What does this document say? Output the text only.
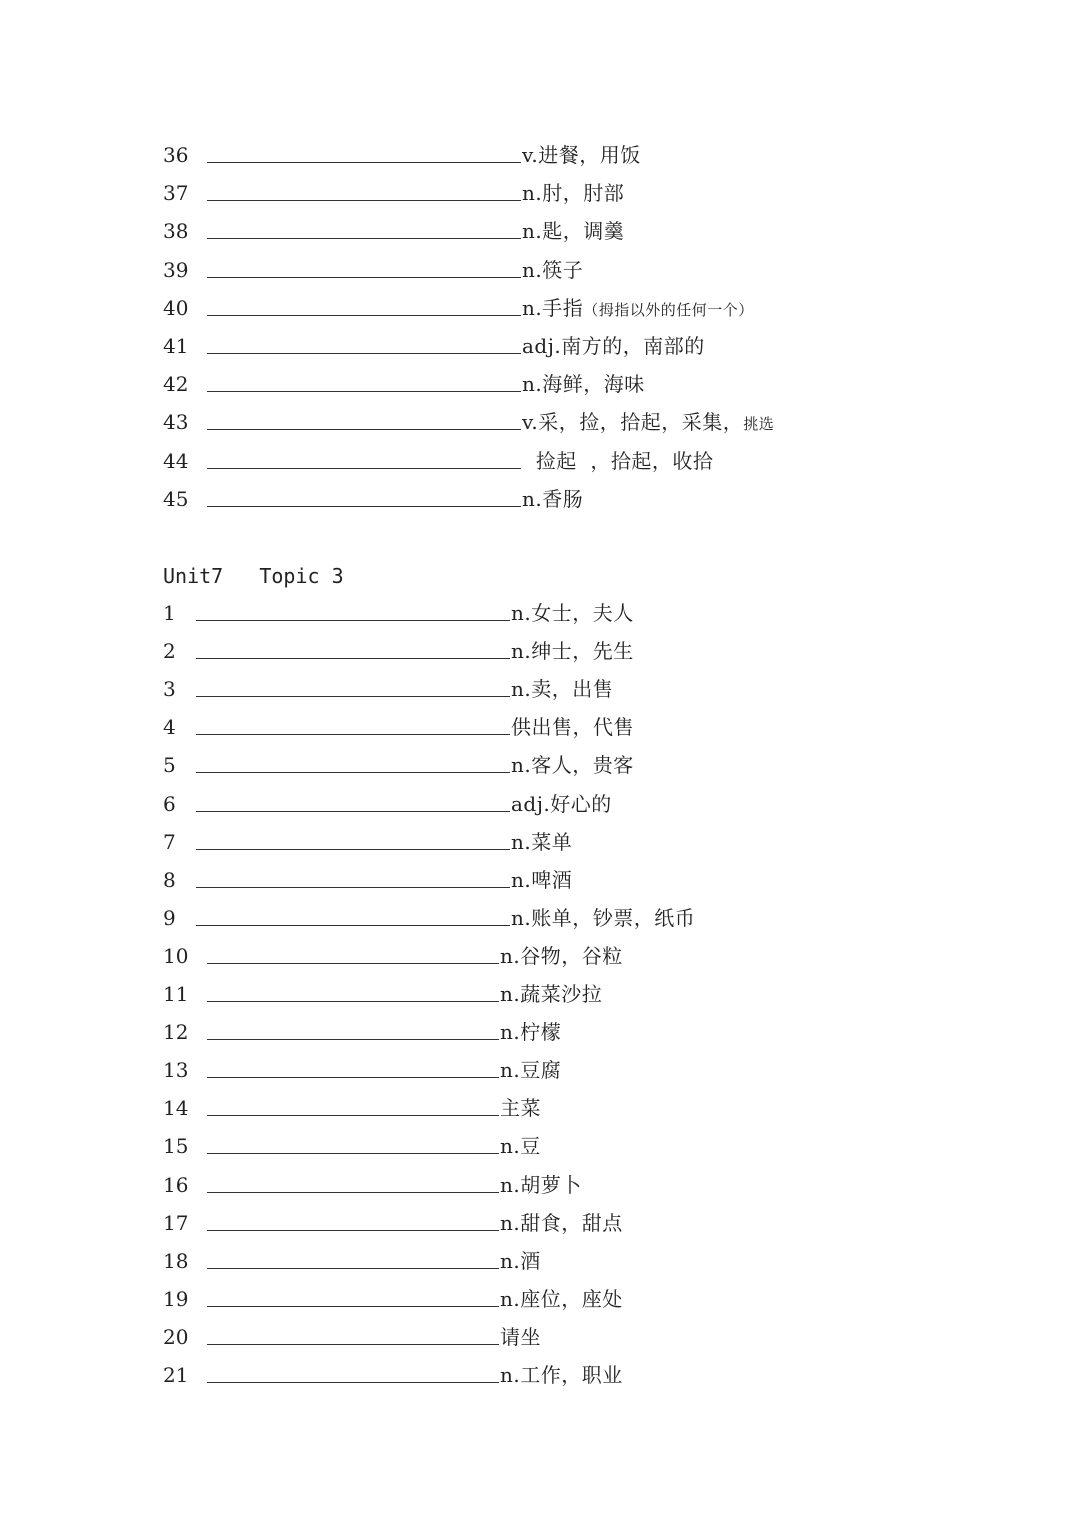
36	v.进餐，用饭
37	n.肘，肘部
38	n.匙，调羹
39	n.筷子
40	n.手指（拇指以外的任何一个）
41	adj.南方的，南部的
42	n.海鲜，海味
43	v.采，捡，拾起，采集，挑选
44	捡起  ，拾起，收拾
45	n.香肠
Unit7   Topic 3
1	n.女士，夫人
2	n.绅士，先生
3	n.卖，出售
4	供出售，代售
5	n.客人，贵客
6	adj.好心的
7	n.菜单
8	n.啤酒
9	n.账单，钞票，纸币
10	n.谷物，谷粒
11	n.蔬菜沙拉
12	n.柠檬
13	n.豆腐
14	主菜
15	n.豆
16	n.胡萝卜
17	n.甜食，甜点
18	n.酒
19	n.座位，座处
20	请坐
21	n.工作，职业
